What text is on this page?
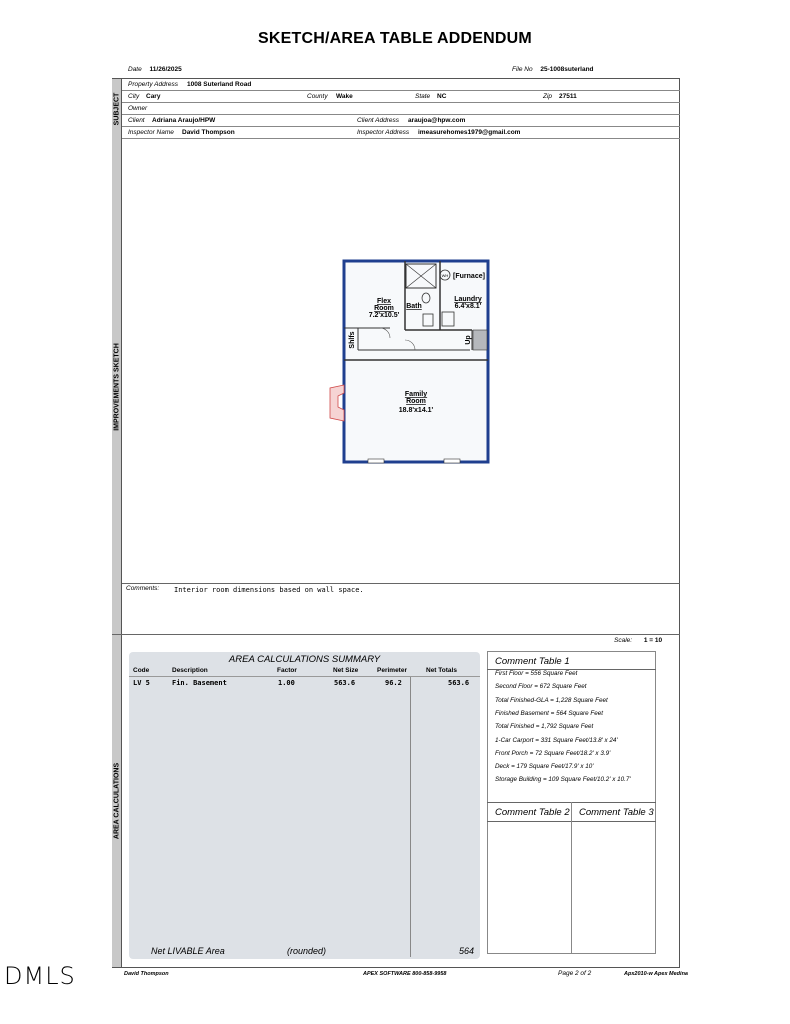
SKETCH/AREA TABLE ADDENDUM
Date 11/26/2025	File No 25-1008suterland
SUBJECT
IMPROVEMENTS SKETCH
AREA CALCULATIONS
Property Address 1008 Suterland Road
City Cary	County Wake	State NC	Zip 27511
Owner
Client Adriana Araujo/HPW	Client Address araujoa@hpw.com
Inspector Name David Thompson	Inspector Address imeasurehomes1979@gmail.com
Flex
Room
7.2'x10.5'
Bath
WH [Furnace]
Laundry
6.4'x8.1'
Shlfs	Up
Family
Room
18.8'x14.1'
Comments: Interior room dimensions based on wall space.
Scale: 1 = 10
AREA CALCULATIONS SUMMARY
Code	Description	Factor	Net Size	Perimeter	Net Totals
LV 5	Fin. Basement	1.00	563.6	96.2	563.6
Net LIVABLE Area	(rounded)	564
Comment Table 1
First Floor = 556 Square Feet
Second Floor = 672 Square Feet
Total Finished-GLA = 1,228 Square Feet
Finished Basement = 564 Square Feet
Total Finished = 1,792 Square Feet
1-Car Carport = 331 Square Feet/13.8' x 24'
Front Porch = 72 Square Feet/18.2' x 3.9'
Deck = 179 Square Feet/17.9' x 10'
Storage Building = 109 Square Feet/10.2' x 10.7'
Comment Table 2 Comment Table 3
David Thompson	APEX SOFTWARE 800-858-9958	Page 2 of 2	Apx2010-w Apex Medina
DMLS
